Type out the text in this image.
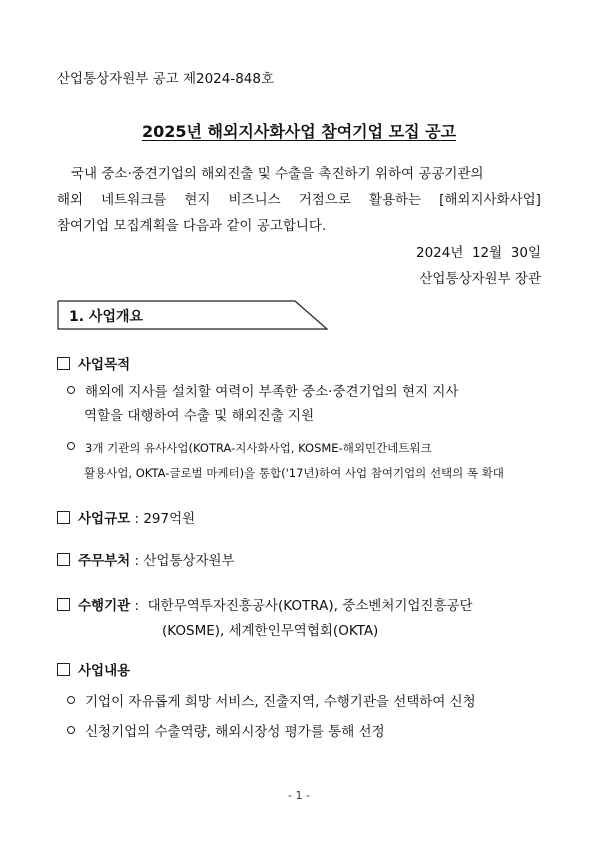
산업통상자원부 공고 제2024-848호
2025년 해외지사화사업 참여기업 모집 공고
국내 중소·중견기업의 해외진출 및 수출을 촉진하기 위하여 공공기관의
해외 네트워크를 현지 비즈니스 거점으로 활용하는 [해외지사화사업]
참여기업 모집계획을 다음과 같이 공고합니다.
2024년  12월  30일
산업통상자원부 장관
1. 사업개요
사업목적
해외에 지사를 설치할 여력이 부족한 중소·중견기업의 현지 지사
역할을 대행하여 수출 및 해외진출 지원
3개 기관의 유사사업(KOTRA-지사화사업, KOSME-해외민간네트워크
활용사업, OKTA-글로벌 마케터)을 통합('17년)하여 사업 참여기업의 선택의 폭 확대
사업규모 : 297억원
주무부처 : 산업통상자원부
수행기관 :  대한무역투자진흥공사(KOTRA), 중소벤처기업진흥공단
(KOSME), 세계한인무역협회(OKTA)
사업내용
기업이 자유롭게 희망 서비스, 진출지역, 수행기관을 선택하여 신청
신청기업의 수출역량, 해외시장성 평가를 통해 선정
- 1 -
